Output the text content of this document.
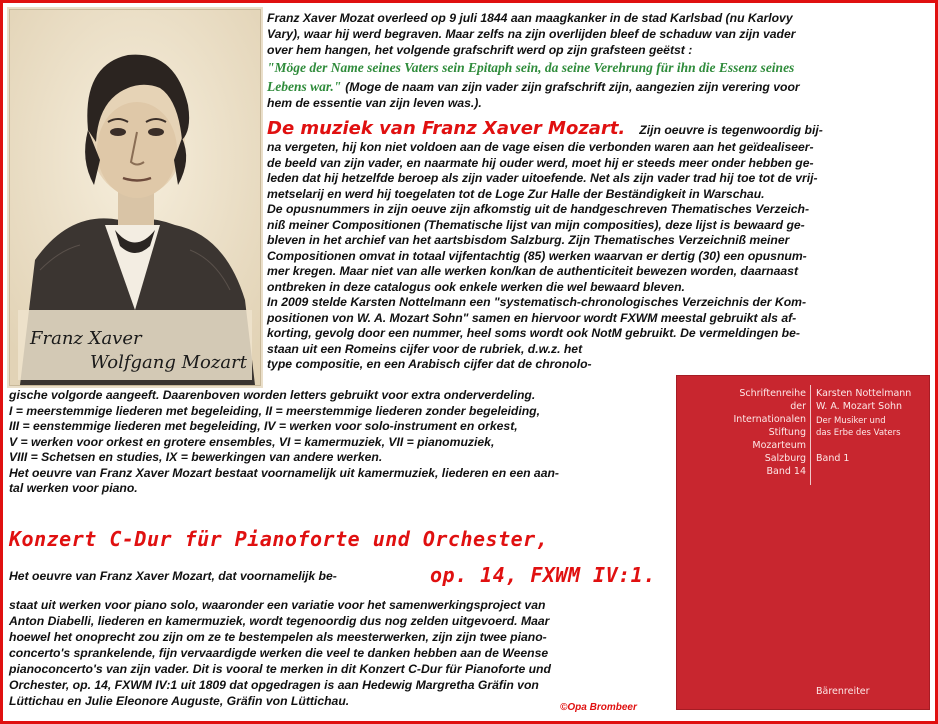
Franz Xaver
Wolfgang Mozart
Franz Xaver Mozat overleed op 9 juli 1844 aan maagkanker in de stad Karlsbad (nu Karlovy
Vary), waar hij werd begraven. Maar zelfs na zijn overlijden bleef de schaduw van zijn vader
over hem hangen, het volgende grafschrift werd op zijn grafsteen geëtst :
"Möge der Name seines Vaters sein Epitaph sein, da seine Verehrung für ihn die Essenz seines
Lebens war." (Moge de naam van zijn vader zijn grafschrift zijn, aangezien zijn verering voor
hem de essentie van zijn leven was.).
De muziek van Franz Xaver Mozart. Zijn oeuvre is tegenwoordig bij-
na vergeten, hij kon niet voldoen aan de vage eisen die verbonden waren aan het geïdealiseer-
de beeld van zijn vader, en naarmate hij ouder werd, moet hij er steeds meer onder hebben ge-
leden dat hij hetzelfde beroep als zijn vader uitoefende. Net als zijn vader trad hij toe tot de vrij-
metselarij en werd hij toegelaten tot de Loge Zur Halle der Beständigkeit in Warschau.
De opusnummers in zijn oeuve zijn afkomstig uit de handgeschreven Thematisches Verzeich-
niß meiner Compositionen (Thematische lijst van mijn composities), deze lijst is bewaard ge-
bleven in het archief van het aartsbisdom Salzburg. Zijn Thematisches Verzeichniß meiner
Compositionen omvat in totaal vijfentachtig (85) werken waarvan er dertig (30) een opusnum-
mer kregen. Maar niet van alle werken kon/kan de authenticiteit bewezen worden, daarnaast
ontbreken in deze catalogus ook enkele werken die wel bewaard bleven.
In 2009 stelde Karsten Nottelmann een "systematisch-chronologisches Verzeichnis der Kom-
positionen von W. A. Mozart Sohn" samen en hiervoor wordt FXWM meestal gebruikt als af-
korting, gevolg door een nummer, heel soms wordt ook NotM gebruikt. De vermeldingen be-
staan uit een Romeins cijfer voor de rubriek, d.w.z. het
type compositie, en een Arabisch cijfer dat de chronolo-
gische volgorde aangeeft. Daarenboven worden letters gebruikt voor extra onderverdeling.
I = meerstemmige liederen met begeleiding, II = meerstemmige liederen zonder begeleiding,
III = eenstemmige liederen met begeleiding, IV = werken voor solo-instrument en orkest,
V = werken voor orkest en grotere ensembles, VI = kamermuziek, VII = pianomuziek,
VIII = Schetsen en studies, IX = bewerkingen van andere werken.
Het oeuvre van Franz Xaver Mozart bestaat voornamelijk uit kamermuziek, liederen en een aan-
tal werken voor piano.
Konzert C-Dur für Pianoforte und Orchester,
op. 14, FXWM IV:1.
Het oeuvre van Franz Xaver Mozart, dat voornamelijk be-
staat uit werken voor piano solo, waaronder een variatie voor het samenwerkingsproject van
Anton Diabelli, liederen en kamermuziek, wordt tegenoordig dus nog zelden uitgevoerd. Maar
hoewel het onoprecht zou zijn om ze te bestempelen als meesterwerken, zijn zijn twee piano-
concerto's sprankelende, fijn vervaardigde werken die veel te danken hebben aan de Weense
pianoconcerto's van zijn vader. Dit is vooral te merken in dit Konzert C-Dur für Pianoforte und
Orchester, op. 14, FXWM IV:1 uit 1809 dat opgedragen is aan Hedewig Margretha Gräfin von
Lüttichau en Julie Eleonore Auguste, Gräfin von Lüttichau.	©Opa Brombeer
Schriftenreihe
der
Internationalen
Stiftung
Mozarteum
Salzburg
Band 14
Karsten Nottelmann
W. A. Mozart Sohn
Der Musiker und
das Erbe des Vaters
Band 1
Bärenreiter
